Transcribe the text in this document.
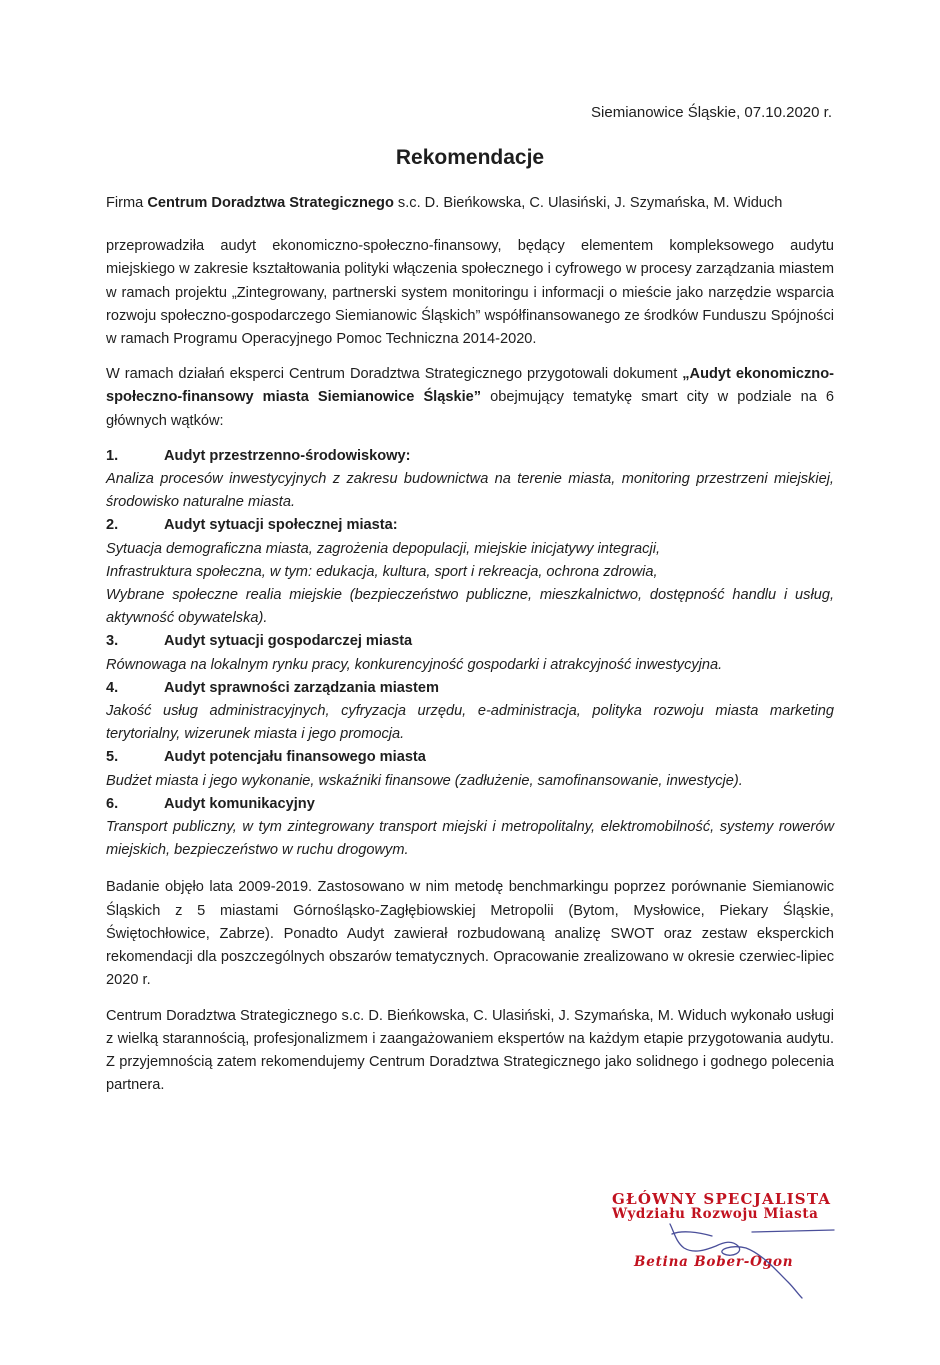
Siemianowice Śląskie, 07.10.2020 r.
Rekomendacje

Firma Centrum Doradztwa Strategicznego s.c. D. Bieńkowska, C. Ulasiński, J. Szymańska, M. Widuch

przeprowadziła audyt ekonomiczno-społeczno-finansowy, będący elementem kompleksowego audytu miejskiego w zakresie kształtowania polityki włączenia społecznego i cyfrowego w procesy zarządzania miastem w ramach projektu „Zintegrowany, partnerski system monitoringu i informacji o mieście jako narzędzie wsparcia rozwoju społeczno-gospodarczego Siemianowic Śląskich” współfinansowanego ze środków Funduszu Spójności w ramach Programu Operacyjnego Pomoc Techniczna 2014-2020.

W ramach działań eksperci Centrum Doradztwa Strategicznego przygotowali dokument „Audyt ekonomiczno-społeczno-finansowy miasta Siemianowice Śląskie” obejmujący tematykę smart city w podziale na 6 głównych wątków:

1.	Audyt przestrzenno-środowiskowy:

Analiza procesów inwestycyjnych z zakresu budownictwa na terenie miasta, monitoring przestrzeni miejskiej, środowisko naturalne miasta.

2.	Audyt sytuacji społecznej miasta:

Sytuacja demograficzna miasta, zagrożenia depopulacji, miejskie inicjatywy integracji,

Infrastruktura społeczna, w tym: edukacja, kultura, sport i rekreacja, ochrona zdrowia,

Wybrane społeczne realia miejskie (bezpieczeństwo publiczne, mieszkalnictwo, dostępność handlu i usług, aktywność obywatelska).

3.	Audyt sytuacji gospodarczej miasta

Równowaga na lokalnym rynku pracy, konkurencyjność gospodarki i atrakcyjność inwestycyjna.

4.	Audyt sprawności zarządzania miastem

Jakość usług administracyjnych, cyfryzacja urzędu, e-administracja, polityka rozwoju miasta marketing terytorialny, wizerunek miasta i jego promocja.

5.	Audyt potencjału finansowego miasta

Budżet miasta i jego wykonanie, wskaźniki finansowe (zadłużenie, samofinansowanie, inwestycje).

6.	Audyt komunikacyjny

Transport publiczny, w tym zintegrowany transport miejski i metropolitalny, elektromobilność, systemy rowerów miejskich, bezpieczeństwo w ruchu drogowym.

Badanie objęło lata 2009-2019. Zastosowano w nim metodę benchmarkingu poprzez porównanie Siemianowic Śląskich z 5 miastami Górnośląsko-Zagłębiowskiej Metropolii (Bytom, Mysłowice, Piekary Śląskie, Świętochłowice, Zabrze). Ponadto Audyt zawierał rozbudowaną analizę SWOT oraz zestaw eksperckich rekomendacji dla poszczególnych obszarów tematycznych. Opracowanie zrealizowano w okresie czerwiec-lipiec 2020 r.

Centrum Doradztwa Strategicznego s.c. D. Bieńkowska, C. Ulasiński, J. Szymańska, M. Widuch wykonało usługi z wielką starannością, profesjonalizmem i zaangażowaniem ekspertów na każdym etapie przygotowania audytu. Z przyjemnością zatem rekomendujemy Centrum Doradztwa Strategicznego jako solidnego i godnego polecenia partnera.

GŁÓWNY SPECJALISTA

Wydziału Rozwoju Miasta

Betina Bober-Ogon
